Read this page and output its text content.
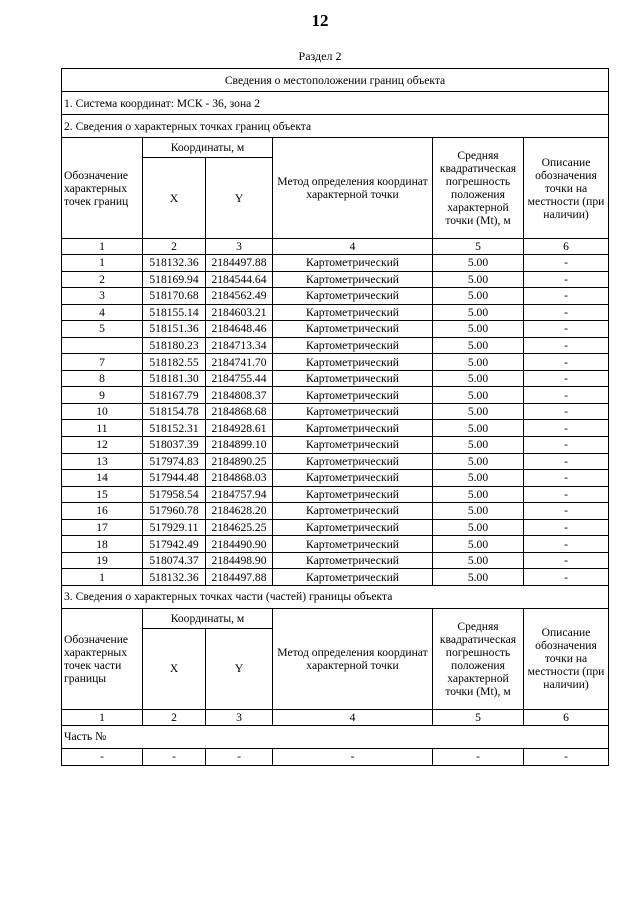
12
Раздел 2
Сведения о местоположении границ объекта					
1. Система координат: МСК - 36, зона 2					
2. Сведения о характерных точках границ объекта					
Обозначение характерных точек границ	Координаты, м		Метод определения координат характерной точки	Средняя квадратическая погрешность положения характерной точки (Mt), м	Описание обозначения точки на местности (при наличии)
	X	Y			
1	2	3	4	5	6
1	518132.36	2184497.88	Картометрический	5.00	-
2	518169.94	2184544.64	Картометрический	5.00	-
3	518170.68	2184562.49	Картометрический	5.00	-
4	518155.14	2184603.21	Картометрический	5.00	-
5	518151.36	2184648.46	Картометрический	5.00	-
	518180.23	2184713.34	Картометрический	5.00	-
7	518182.55	2184741.70	Картометрический	5.00	-
8	518181.30	2184755.44	Картометрический	5.00	-
9	518167.79	2184808.37	Картометрический	5.00	-
10	518154.78	2184868.68	Картометрический	5.00	-
11	518152.31	2184928.61	Картометрический	5.00	-
12	518037.39	2184899.10	Картометрический	5.00	-
13	517974.83	2184890.25	Картометрический	5.00	-
14	517944.48	2184868.03	Картометрический	5.00	-
15	517958.54	2184757.94	Картометрический	5.00	-
16	517960.78	2184628.20	Картометрический	5.00	-
17	517929.11	2184625.25	Картометрический	5.00	-
18	517942.49	2184490.90	Картометрический	5.00	-
19	518074.37	2184498.90	Картометрический	5.00	-
1	518132.36	2184497.88	Картометрический	5.00	-
3. Сведения о характерных точках части (частей) границы объекта					
Обозначение характерных точек части границы	Координаты, м		Метод определения координат характерной точки	Средняя квадратическая погрешность положения характерной точки (Mt), м	Описание обозначения точки на местности (при наличии)
	X	Y			
1	2	3	4	5	6
Часть №					
-	-	-	-	-	-
